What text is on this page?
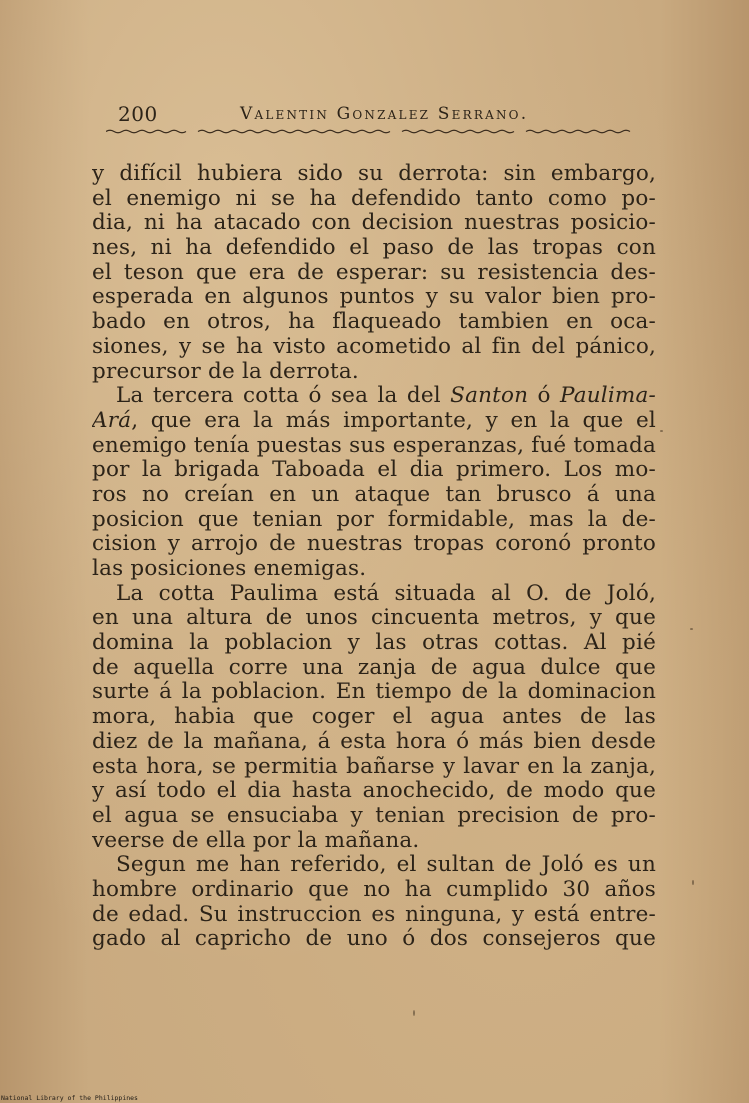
200	Valentin Gonzalez Serrano.
y difícil hubiera sido su derrota: sin embargo,
el enemigo ni se ha defendido tanto como po-
dia, ni ha atacado con decision nuestras posicio-
nes, ni ha defendido el paso de las tropas con
el teson que era de esperar: su resistencia des-
esperada en algunos puntos y su valor bien pro-
bado en otros, ha flaqueado tambien en oca-
siones, y se ha visto acometido al fin del pánico,
precursor de la derrota.
La tercera cotta ó sea la del Santon ó Paulima-
Ará, que era la más importante, y en la que el
enemigo tenía puestas sus esperanzas, fué tomada
por la brigada Taboada el dia primero. Los mo-
ros no creían en un ataque tan brusco á una
posicion que tenian por formidable, mas la de-
cision y arrojo de nuestras tropas coronó pronto
las posiciones enemigas.
La cotta Paulima está situada al O. de Joló,
en una altura de unos cincuenta metros, y que
domina la poblacion y las otras cottas. Al pié
de aquella corre una zanja de agua dulce que
surte á la poblacion. En tiempo de la dominacion
mora, habia que coger el agua antes de las
diez de la mañana, á esta hora ó más bien desde
esta hora, se permitia bañarse y lavar en la zanja,
y así todo el dia hasta anochecido, de modo que
el agua se ensuciaba y tenian precision de pro-
veerse de ella por la mañana.
Segun me han referido, el sultan de Joló es un
hombre ordinario que no ha cumplido 30 años
de edad. Su instruccion es ninguna, y está entre-
gado al capricho de uno ó dos consejeros que
National Library of the Philippines
